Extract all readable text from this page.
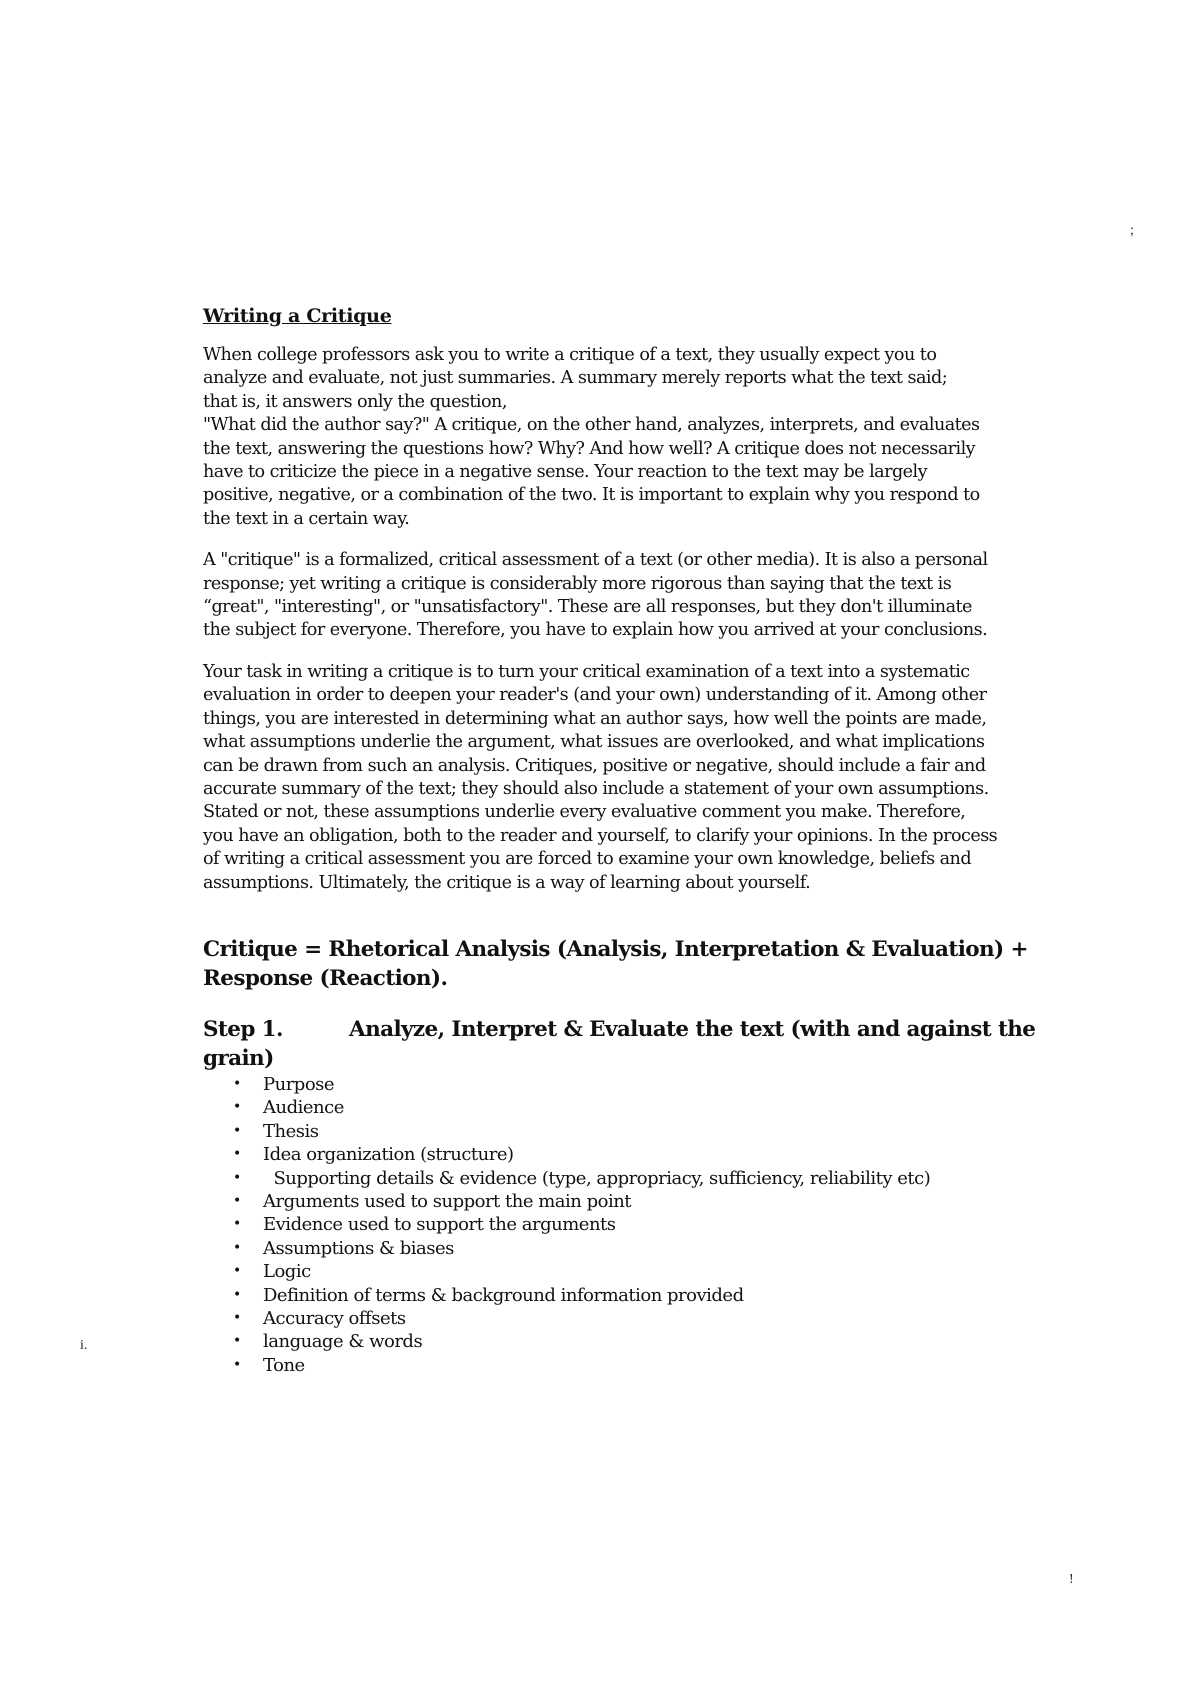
;
i.
!
Writing a Critique
When college professors ask you to write a critique of a text, they usually expect you to
analyze and evaluate, not just summaries. A summary merely reports what the text said;
that is, it answers only the question,
"What did the author say?" A critique, on the other hand, analyzes, interprets, and evaluates
the text, answering the questions how? Why? And how well? A critique does not necessarily
have to criticize the piece in a negative sense. Your reaction to the text may be largely
positive, negative, or a combination of the two. It is important to explain why you respond to
the text in a certain way.
A "critique" is a formalized, critical assessment of a text (or other media). It is also a personal
response; yet writing a critique is considerably more rigorous than saying that the text is
“great", "interesting", or "unsatisfactory". These are all responses, but they don't illuminate
the subject for everyone. Therefore, you have to explain how you arrived at your conclusions.
Your task in writing a critique is to turn your critical examination of a text into a systematic
evaluation in order to deepen your reader's (and your own) understanding of it. Among other
things, you are interested in determining what an author says, how well the points are made,
what assumptions underlie the argument, what issues are overlooked, and what implications
can be drawn from such an analysis. Critiques, positive or negative, should include a fair and
accurate summary of the text; they should also include a statement of your own assumptions.
Stated or not, these assumptions underlie every evaluative comment you make. Therefore,
you have an obligation, both to the reader and yourself, to clarify your opinions. In the process
of writing a critical assessment you are forced to examine your own knowledge, beliefs and
assumptions. Ultimately, the critique is a way of learning about yourself.
Critique = Rhetorical Analysis (Analysis, Interpretation & Evaluation) +
Response (Reaction).
Step 1.	Analyze, Interpret & Evaluate the text (with and against the
grain)
• Purpose
• Audience
• Thesis
• Idea organization (structure)
• Supporting details & evidence (type, appropriacy, sufficiency, reliability etc)
• Arguments used to support the main point
• Evidence used to support the arguments
• Assumptions & biases
• Logic
• Definition of terms & background information provided
• Accuracy offsets
• language & words
• Tone
